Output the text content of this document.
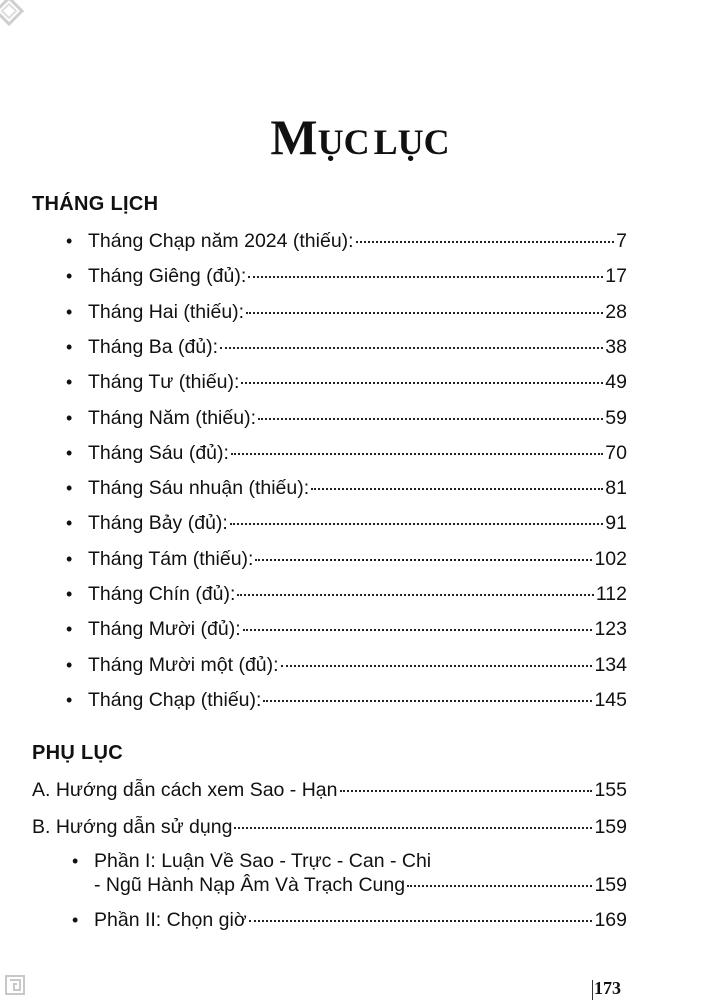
MỤC LỤC
THÁNG LỊCH
• Tháng Chạp năm 2024 (thiếu):	7
• Tháng Giêng (đủ):	17
• Tháng Hai (thiếu):	28
• Tháng Ba (đủ):	38
• Tháng Tư (thiếu):	49
• Tháng Năm (thiếu):	59
• Tháng Sáu (đủ):	70
• Tháng Sáu nhuận (thiếu):	81
• Tháng Bảy (đủ):	91
• Tháng Tám (thiếu):	102
• Tháng Chín (đủ):	112
• Tháng Mười (đủ):	123
• Tháng Mười một (đủ):	134
• Tháng Chạp (thiếu):	145
PHỤ LỤC
A. Hướng dẫn cách xem Sao - Hạn	155
B. Hướng dẫn sử dụng	159
• Phần I: Luận Về Sao - Trực - Can - Chi
- Ngũ Hành Nạp Âm Và Trạch Cung	159
• Phần II: Chọn giờ	169
173
